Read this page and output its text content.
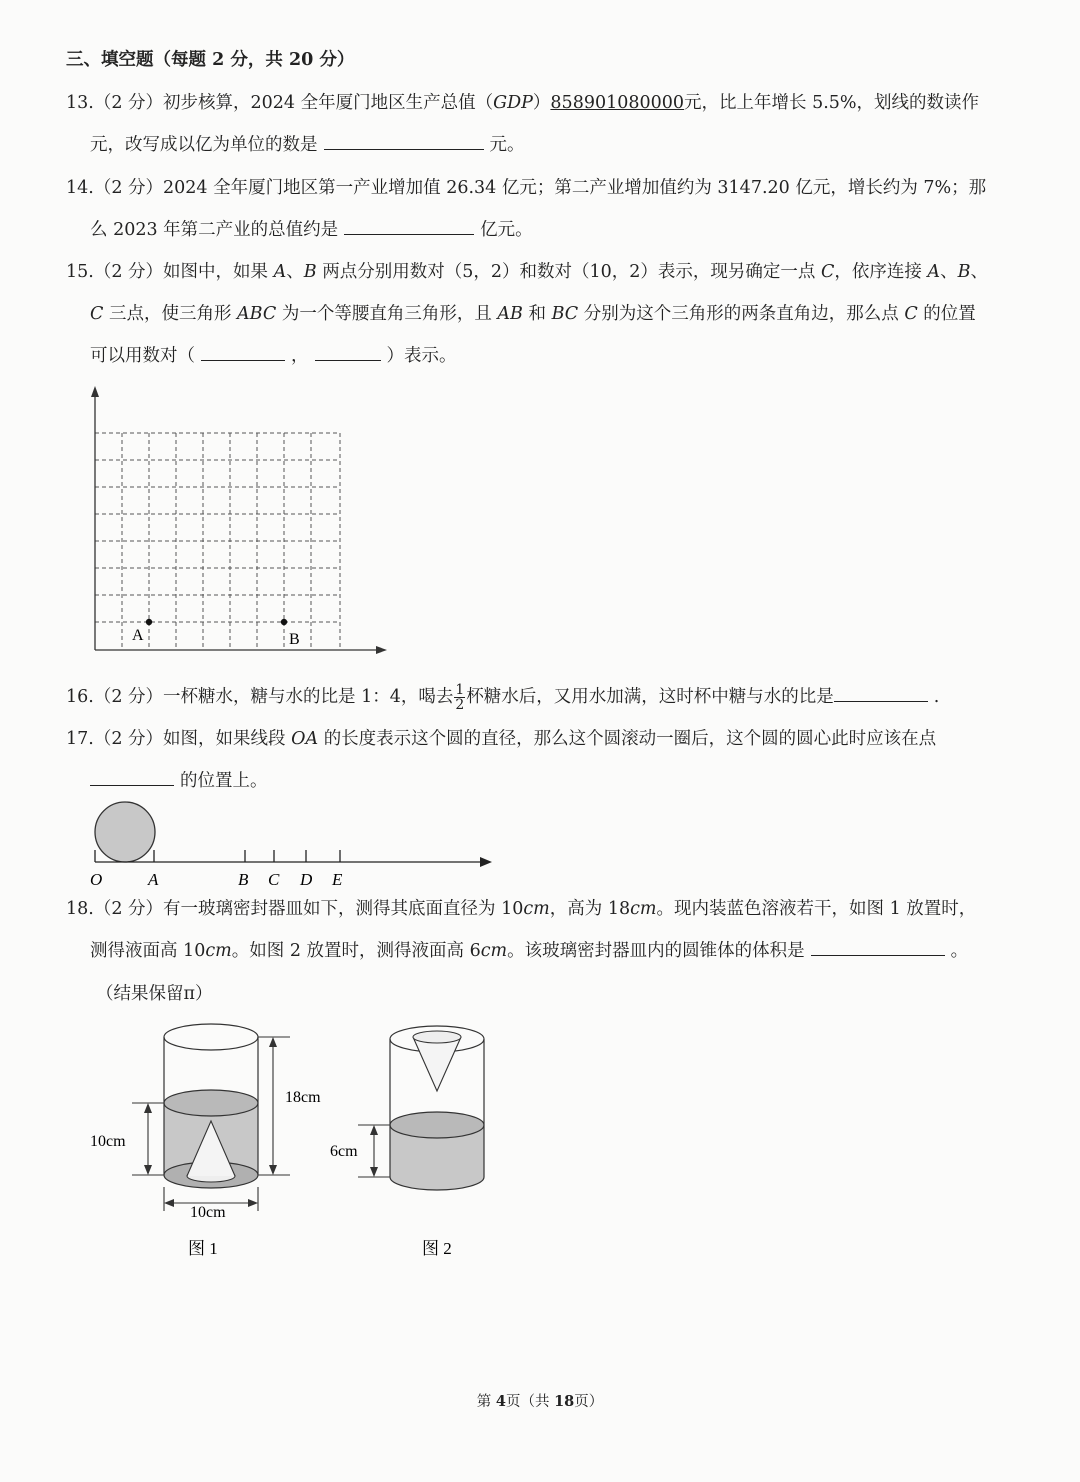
三、填空题（每题 2 分，共 20 分）
13.（2 分）初步核算，2024 全年厦门地区生产总值（GDP）858901080000元，比上年增长 5.5%，划线的数读作
元，改写成以亿为单位的数是	元。
14.（2 分）2024 全年厦门地区第一产业增加值 26.34 亿元；第二产业增加值约为 3147.20 亿元，增长约为 7%；那
么 2023 年第二产业的总值约是	亿元。
15.（2 分）如图中，如果 A、B 两点分别用数对（5，2）和数对（10，2）表示，现另确定一点 C，依序连接 A、B、
C 三点，使三角形 ABC 为一个等腰直角三角形，且 AB 和 BC 分别为这个三角形的两条直角边，那么点 C 的位置
可以用数对（	，	）表示。
A	B
16.（2 分）一杯糖水，糖与水的比是 1：4，喝去 $\frac{1}{2}$ 杯糖水后，又用水加满，这时杯中糖与水的比是	.
17.（2 分）如图，如果线段 OA 的长度表示这个圆的直径，那么这个圆滚动一圈后，这个圆的圆心此时应该在点
的位置上。
O	A	B C D E
18.（2 分）有一玻璃密封器皿如下，测得其底面直径为 10cm，高为 18cm。现内装蓝色溶液若干，如图 1 放置时，
测得液面高 10cm。如图 2 放置时，测得液面高 6cm。该玻璃密封器皿内的圆锥体的体积是	。
（结果保留π）
18cm
10cm
10cm
图 1
6cm
图 2
第 4页（共 18页）
